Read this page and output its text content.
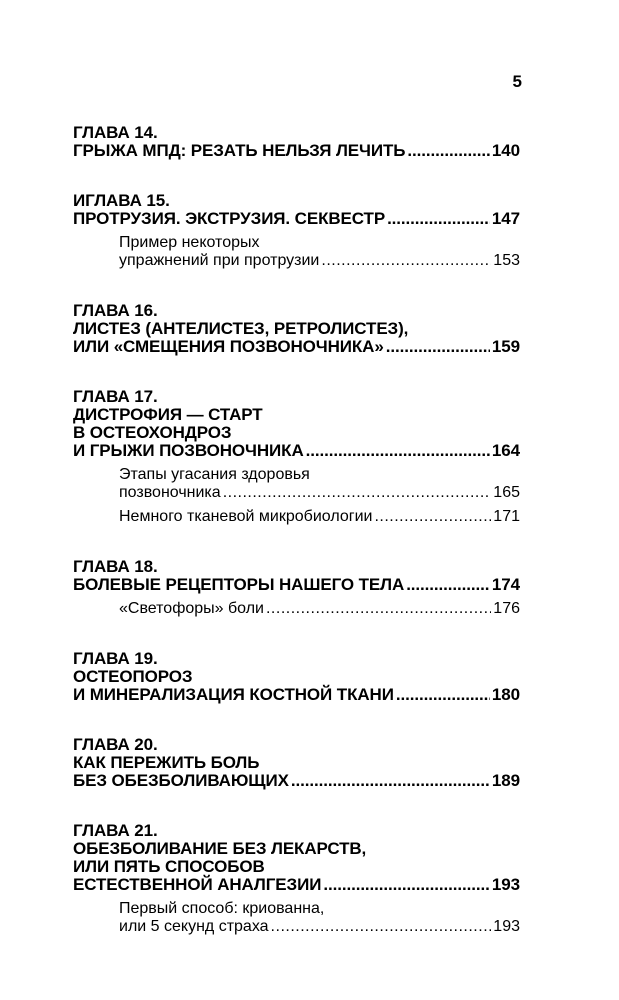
5
ГЛАВА 14.
ГРЫЖА МПД: РЕЗАТЬ НЕЛЬЗЯ ЛЕЧИТЬ .....	140
ИГЛАВА 15.
ПРОТРУЗИЯ. ЭКСТРУЗИЯ. СЕКВЕСТР .....	147
Пример некоторых
упражнений при протрузии .....	153
ГЛАВА 16.
ЛИСТЕЗ (АНТЕЛИСТЕЗ, РЕТРОЛИСТЕЗ),
ИЛИ «СМЕЩЕНИЯ ПОЗВОНОЧНИКА» .....	159
ГЛАВА 17.
ДИСТРОФИЯ — СТАРТ
В ОСТЕОХОНДРОЗ
И ГРЫЖИ ПОЗВОНОЧНИКА .....	164
Этапы угасания здоровья
позвоночника .....	165
Немного тканевой микробиологии .....	171
ГЛАВА 18.
БОЛЕВЫЕ РЕЦЕПТОРЫ НАШЕГО ТЕЛА .....	174
«Светофоры» боли .....	176
ГЛАВА 19.
ОСТЕОПОРОЗ
И МИНЕРАЛИЗАЦИЯ КОСТНОЙ ТКАНИ .....	180
ГЛАВА 20.
КАК ПЕРЕЖИТЬ БОЛЬ
БЕЗ ОБЕЗБОЛИВАЮЩИХ .....	189
ГЛАВА 21.
ОБЕЗБОЛИВАНИЕ БЕЗ ЛЕКАРСТВ,
ИЛИ ПЯТЬ СПОСОБОВ
ЕСТЕСТВЕННОЙ АНАЛГЕЗИИ .....	193
Первый способ: криованна,
или 5 секунд страха .....	193
